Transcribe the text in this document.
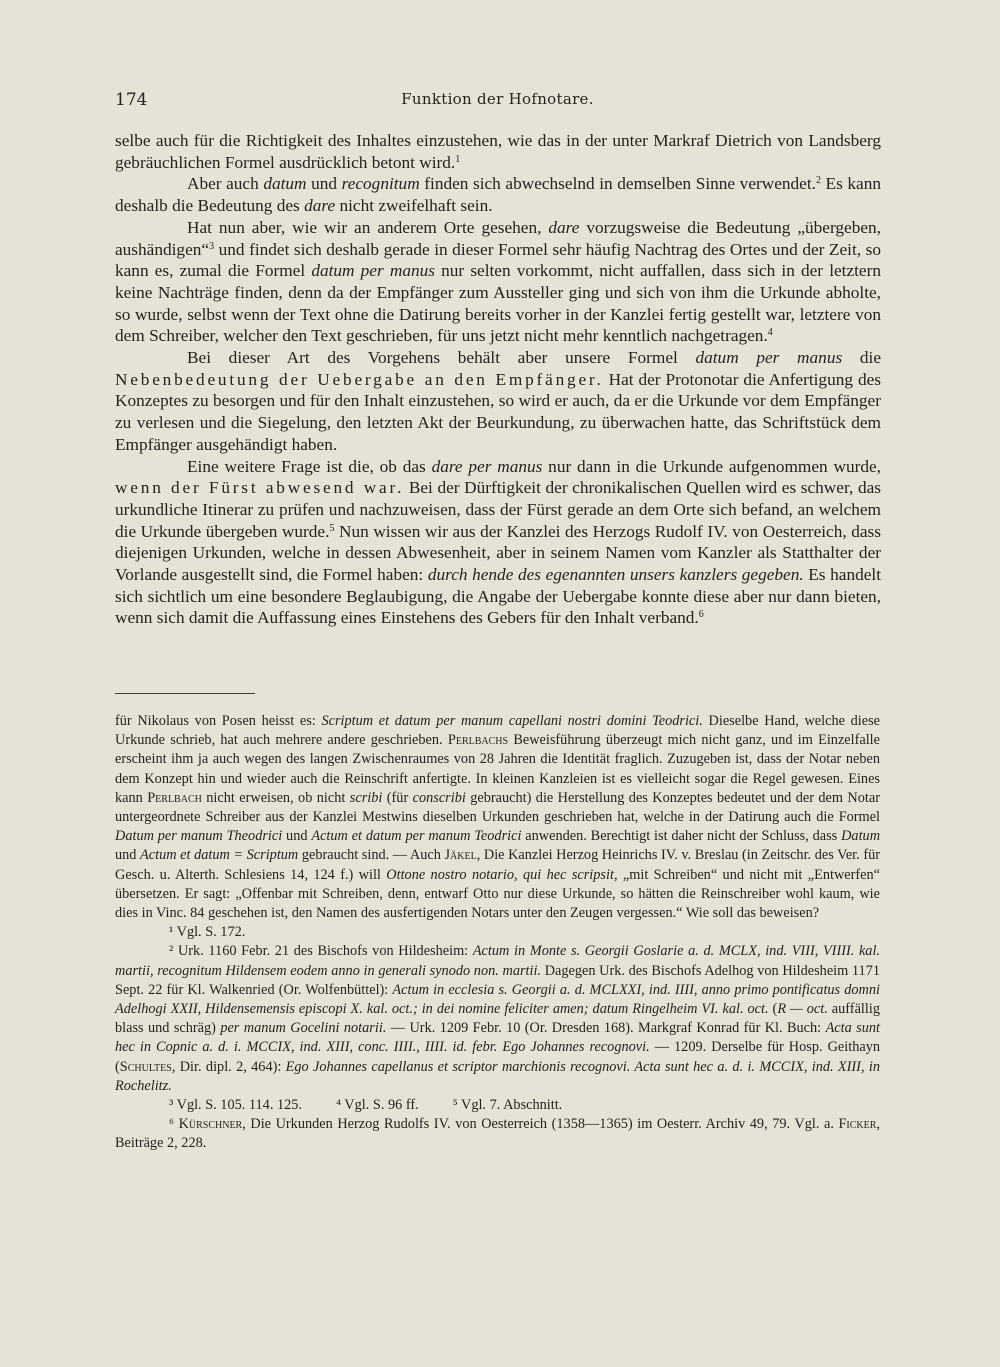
174	Funktion der Hofnotare.

selbe auch für die Richtigkeit des Inhaltes einzustehen, wie das in der unter Markraf Dietrich von Landsberg gebräuchlichen Formel ausdrücklich betont wird.$^1$

Aber auch datum und recognitum finden sich abwechselnd in demselben Sinne verwendet.$^2$ Es kann deshalb die Bedeutung des dare nicht zweifelhaft sein.

Hat nun aber, wie wir an anderem Orte gesehen, dare vorzugsweise die Bedeutung „übergeben, aushändigen“$^3$ und findet sich deshalb gerade in dieser Formel sehr häufig Nachtrag des Ortes und der Zeit, so kann es, zumal die Formel datum per manus nur selten vorkommt, nicht auffallen, dass sich in der letztern keine Nachträge finden, denn da der Empfänger zum Aussteller ging und sich von ihm die Urkunde abholte, so wurde, selbst wenn der Text ohne die Datirung bereits vorher in der Kanzlei fertig gestellt war, letztere von dem Schreiber, welcher den Text geschrieben, für uns jetzt nicht mehr kenntlich nachgetragen.$^4$

Bei dieser Art des Vorgehens behält aber unsere Formel datum per manus die Nebenbedeutung der Uebergabe an den Empfänger. Hat der Protonotar die Anfertigung des Konzeptes zu besorgen und für den Inhalt einzustehen, so wird er auch, da er die Urkunde vor dem Empfänger zu verlesen und die Siegelung, den letzten Akt der Beurkundung, zu überwachen hatte, das Schriftstück dem Empfänger ausgehändigt haben.

Eine weitere Frage ist die, ob das dare per manus nur dann in die Urkunde aufgenommen wurde, wenn der Fürst abwesend war. Bei der Dürftigkeit der chronikalischen Quellen wird es schwer, das urkundliche Itinerar zu prüfen und nachzuweisen, dass der Fürst gerade an dem Orte sich befand, an welchem die Urkunde übergeben wurde.$^5$ Nun wissen wir aus der Kanzlei des Herzogs Rudolf IV. von Oesterreich, dass diejenigen Urkunden, welche in dessen Abwesenheit, aber in seinem Namen vom Kanzler als Statthalter der Vorlande ausgestellt sind, die Formel haben: durch hende des egenannten unsers kanzlers gegeben. Es handelt sich sichtlich um eine besondere Beglaubigung, die Angabe der Uebergabe konnte diese aber nur dann bieten, wenn sich damit die Auffassung eines Einstehens des Gebers für den Inhalt verband.$^6$

für Nikolaus von Posen heisst es: Scriptum et datum per manum capellani nostri domini Teodrici. Dieselbe Hand, welche diese Urkunde schrieb, hat auch mehrere andere geschrieben. Perlbachs Beweisführung überzeugt mich nicht ganz, und im Einzelfalle erscheint ihm ja auch wegen des langen Zwischenraumes von 28 Jahren die Identität fraglich. Zuzugeben ist, dass der Notar neben dem Konzept hin und wieder auch die Reinschrift anfertigte. In kleinen Kanzleien ist es vielleicht sogar die Regel gewesen. Eines kann Perlbach nicht erweisen, ob nicht scribi (für conscribi gebraucht) die Herstellung des Konzeptes bedeutet und der dem Notar untergeordnete Schreiber aus der Kanzlei Mestwins dieselben Urkunden geschrieben hat, welche in der Datirung auch die Formel Datum per manum Theodrici und Actum et datum per manum Teodrici anwenden. Berechtigt ist daher nicht der Schluss, dass Datum und Actum et datum = Scriptum gebraucht sind. — Auch Jäkel, Die Kanzlei Herzog Heinrichs IV. v. Breslau (in Zeitschr. des Ver. für Gesch. u. Alterth. Schlesiens 14, 124 f.) will Ottone nostro notario, qui hec scripsit, „mit Schreiben“ und nicht mit „Entwerfen“ übersetzen. Er sagt: „Offenbar mit Schreiben, denn, entwarf Otto nur diese Urkunde, so hätten die Reinschreiber wohl kaum, wie dies in Vinc. 84 geschehen ist, den Namen des ausfertigenden Notars unter den Zeugen vergessen.“ Wie soll das beweisen?

¹ Vgl. S. 172.

² Urk. 1160 Febr. 21 des Bischofs von Hildesheim: Actum in Monte s. Georgii Goslarie a. d. MCLX, ind. VIII, VIIII. kal. martii, recognitum Hildensem eodem anno in generali synodo non. martii. Dagegen Urk. des Bischofs Adelhog von Hildesheim 1171 Sept. 22 für Kl. Walkenried (Or. Wolfenbüttel): Actum in ecclesia s. Georgii a. d. MCLXXI, ind. IIII, anno primo pontificatus domni Adelhogi XXII, Hildensemensis episcopi X. kal. oct.; in dei nomine feliciter amen; datum Ringelheim VI. kal. oct. (R — oct. auffällig blass und schräg) per manum Gocelini notarii. — Urk. 1209 Febr. 10 (Or. Dresden 168). Markgraf Konrad für Kl. Buch: Acta sunt hec in Copnic a. d. i. MCCIX, ind. XIII, conc. IIII., IIII. id. febr. Ego Johannes recognovi. — 1209. Derselbe für Hosp. Geithayn (Schultes, Dir. dipl. 2, 464): Ego Johannes capellanus et scriptor marchionis recognovi. Acta sunt hec a. d. i. MCCIX, ind. XIII, in Rochelitz.

³ Vgl. S. 105. 114. 125. ⁴ Vgl. S. 96 ff. ⁵ Vgl. 7. Abschnitt.

⁶ Kürschner, Die Urkunden Herzog Rudolfs IV. von Oesterreich (1358—1365) im Oesterr. Archiv 49, 79. Vgl. a. Ficker, Beiträge 2, 228.
